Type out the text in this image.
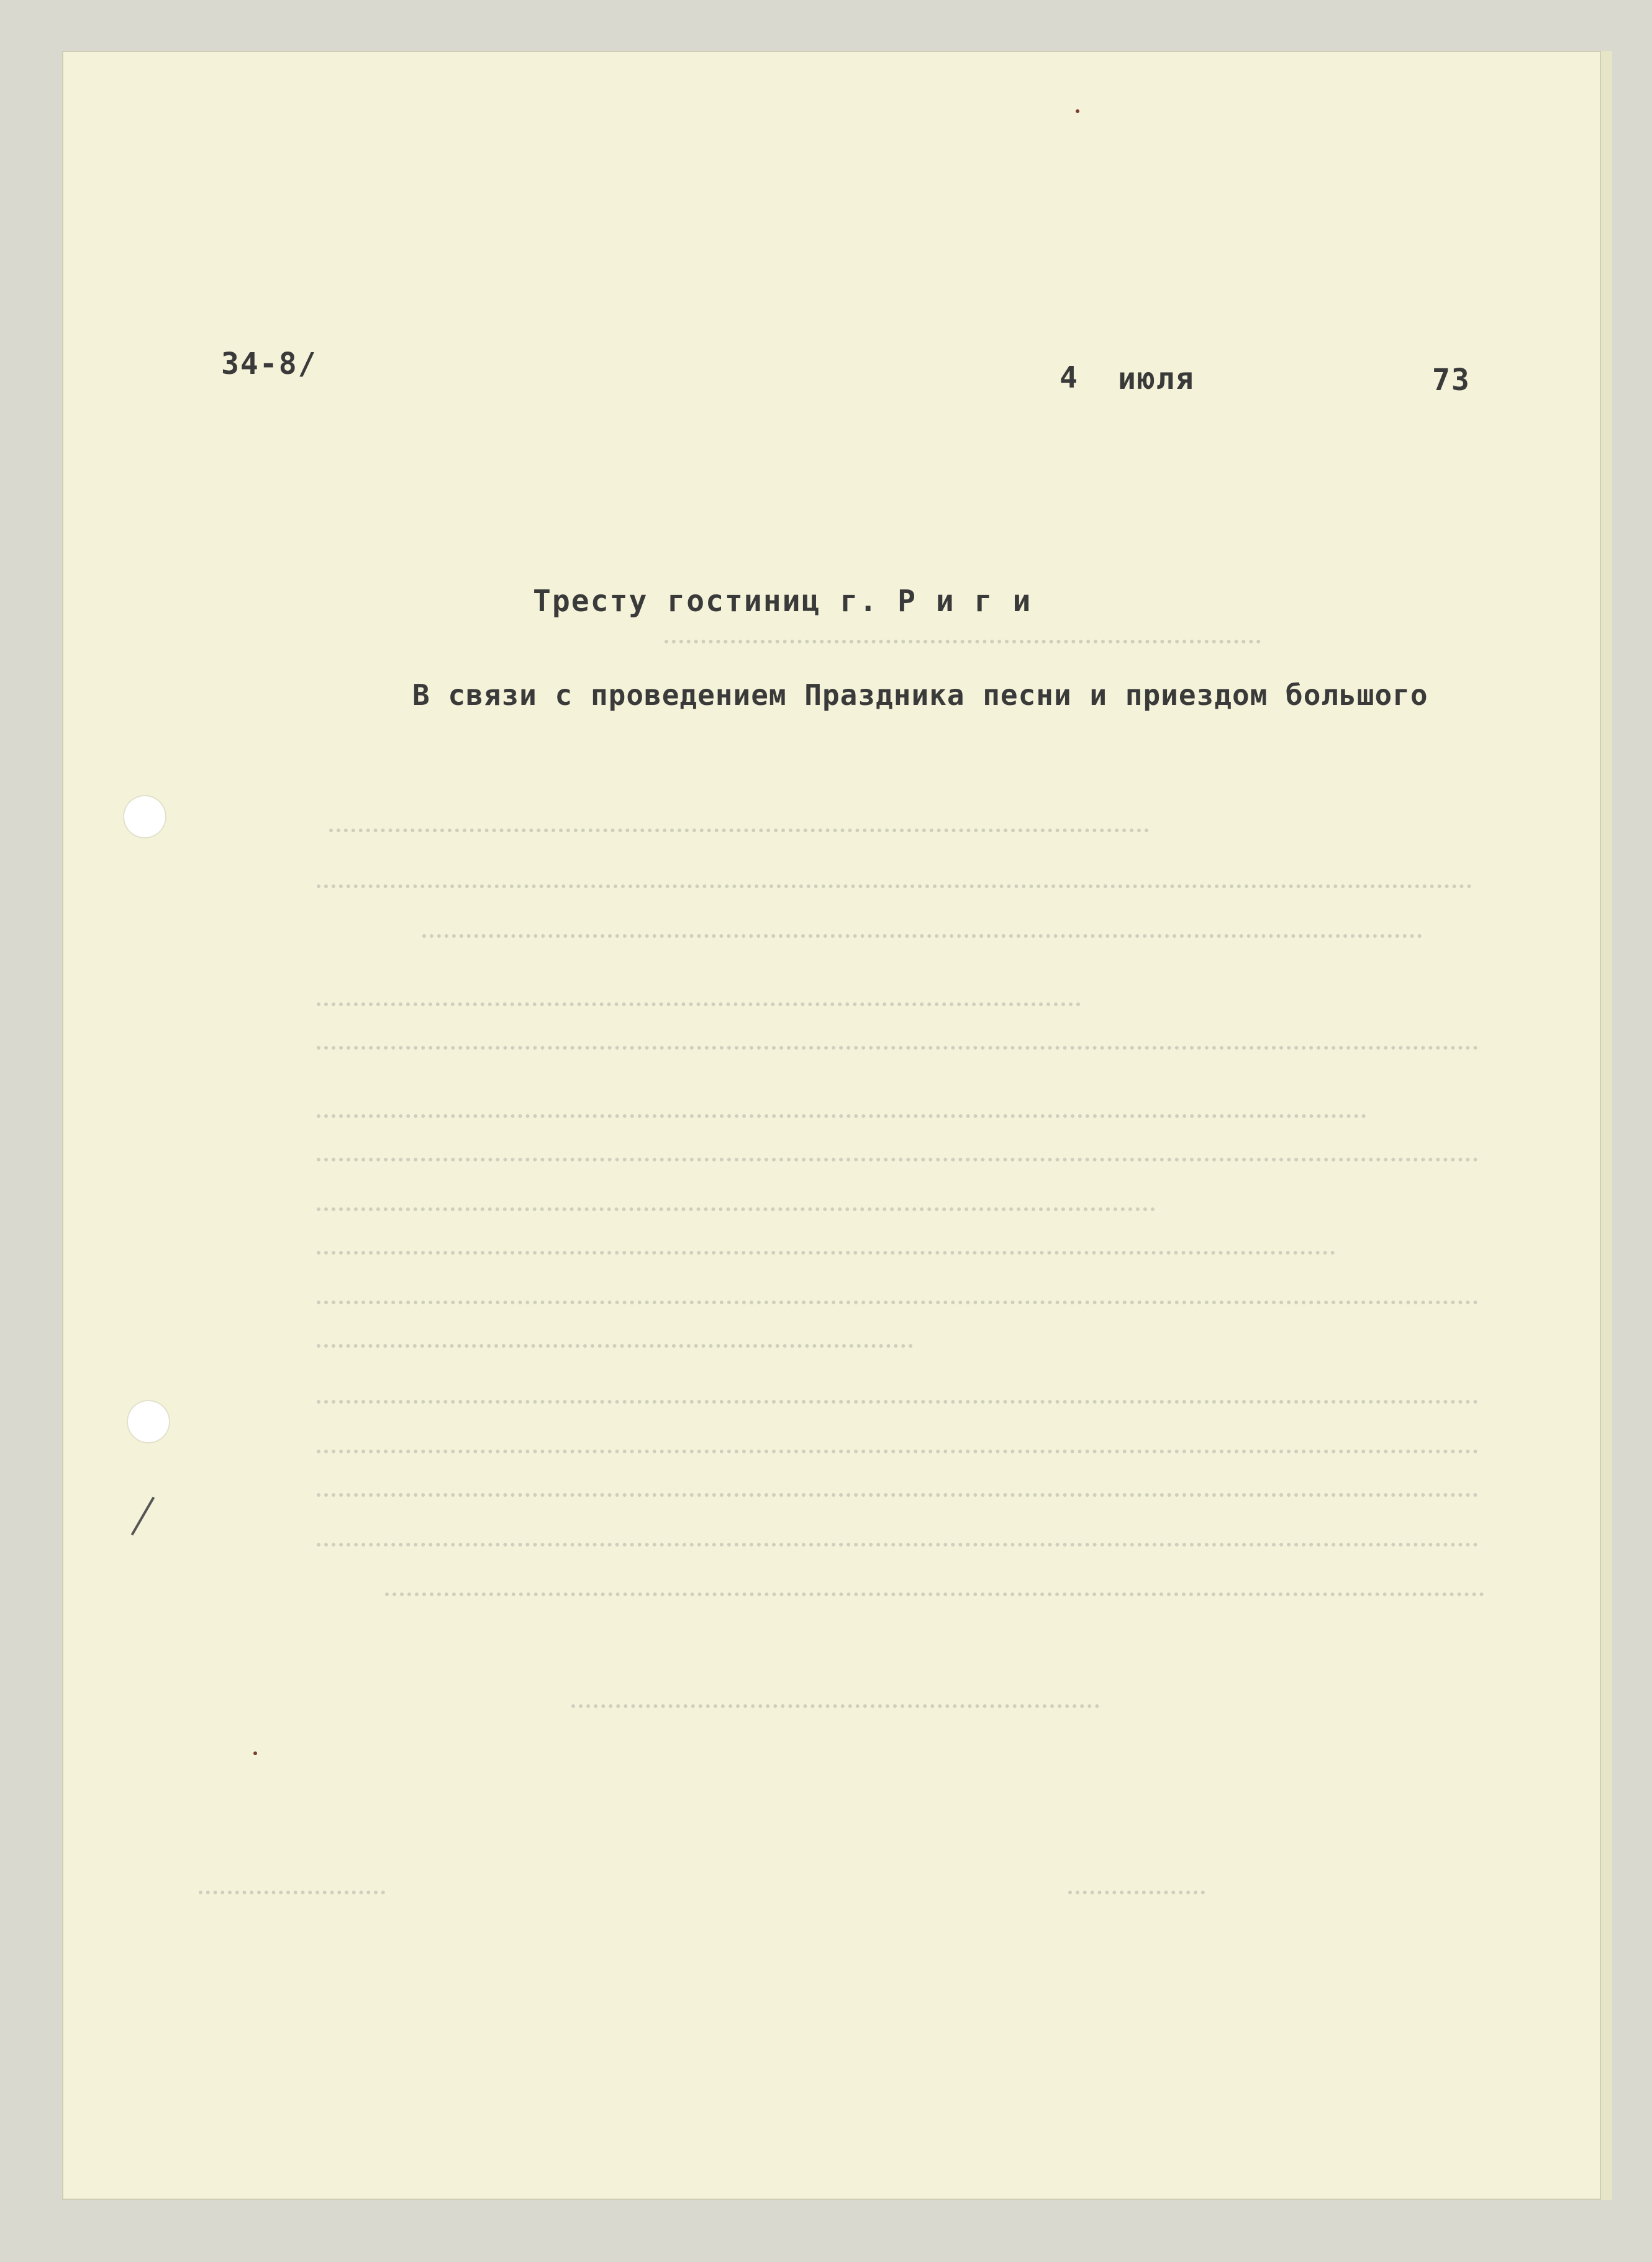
34-8/	4 июля	73
Тресту гостиниц г. Р и г и
В связи с проведением Праздника песни и приездом большого
